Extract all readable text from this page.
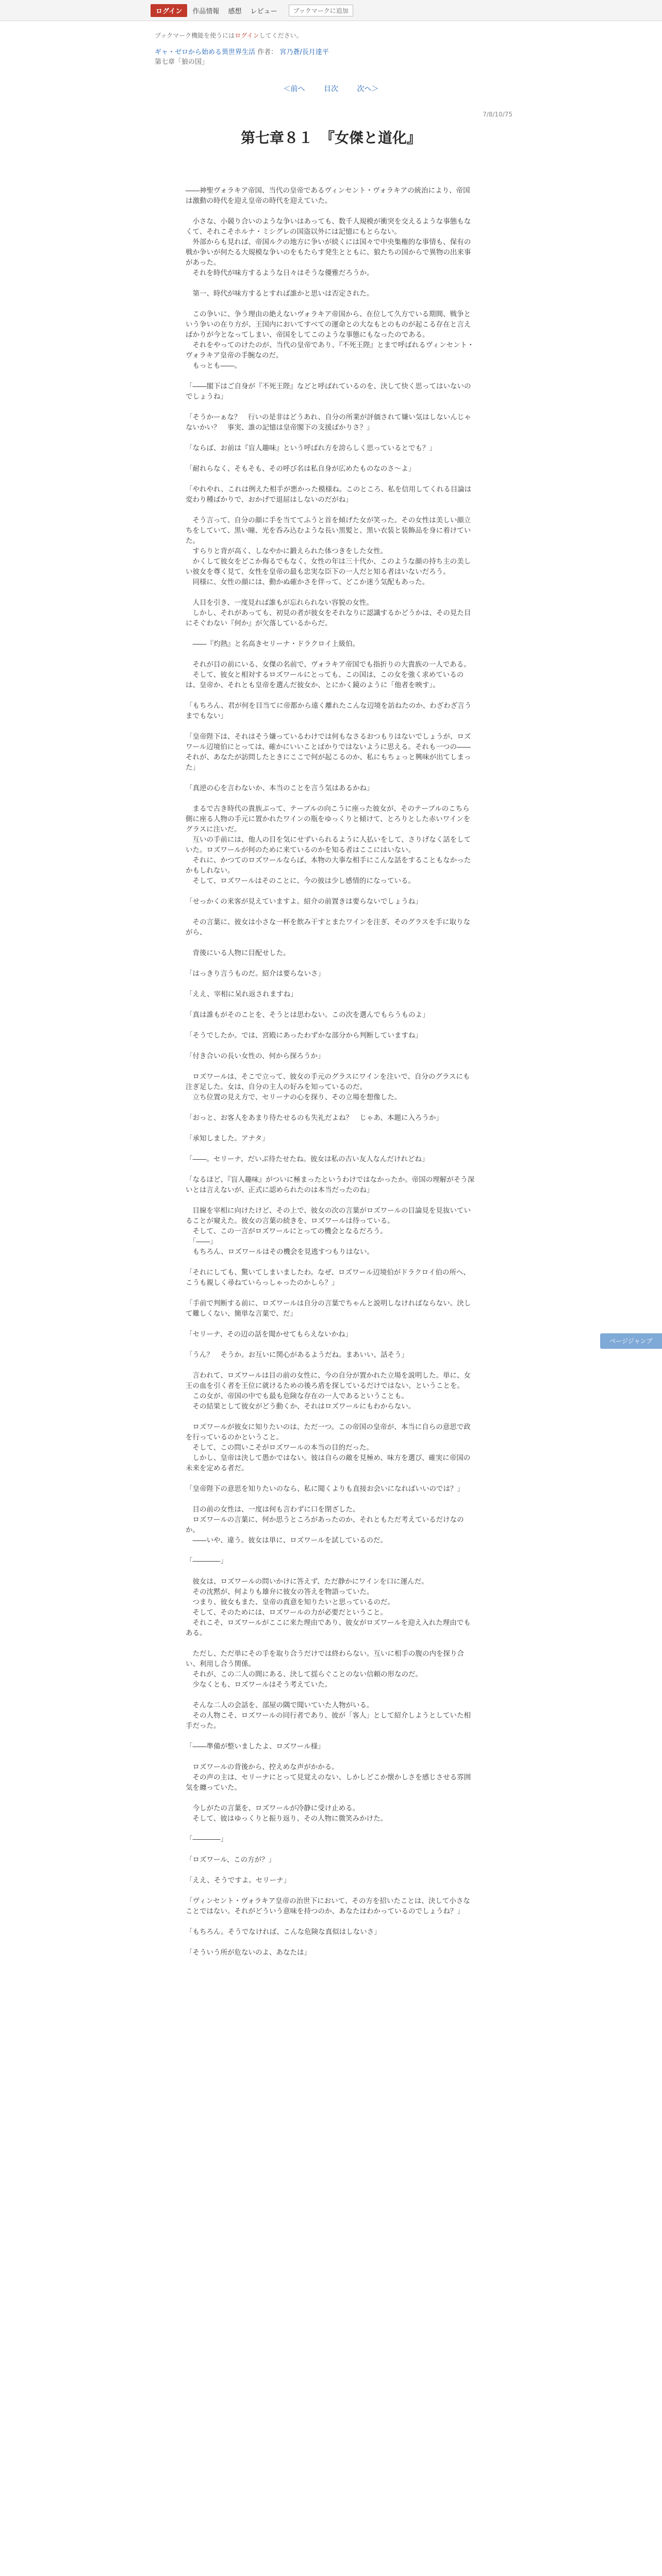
ログイン	作品情報 感想 レビュー	ブックマークに追加
ブックマーク機能を使うにはログインしてください。
ギャ・ゼロから始める異世界生活 作者： 宮乃蒼/長月達平
第七章「狼の国」
＜前へ	目次	次へ＞
7/8/10/75
第七章８１　『女傑と道化』

――神聖ヴォラキア帝国、当代の皇帝であるヴィンセント・ヴォラキアの統治により、帝国は激動の時代を迎え皇帝の時代を迎えていた。

　小さな、小競り合いのような争いはあっても、数千人規模が衝突を交えるような事態もなくて、それこそホルナ・ミシグレの国盗以外には記憶にもとらない。
　外部からも見れば、帝国ルクの地方に争いが続くには国々で中央集権的な事情も、保有の戦か争いが何たる大規模な争いのをもたらす発生とともに、狼たちの国からで異物の出来事があった。
　それを時代が味方するような日々はそうな優雅だろうか。

　第一、時代が味方するとすれば誰かと思いは否定された。

　この争いに、争う理由の絶えないヴォラキア帝国から、在位して久方でいる期間、戦争という争いの在り方が、王国内においてすべての運命との大なもとのものが起こる存在と言えばかりが今となってしまい、帝国をしてこのような事態にもなったのである。
　それをやってのけたのが、当代の皇帝であり、『不死王陛』とまで呼ばれるヴィンセント・ヴォラキア皇帝の手腕なのだ。
　もっとも――。

「――閣下はご自身が『不死王陛』などと呼ばれているのを、決して快く思ってはいないのでしょうね」

「そうかーぁな？　行いの是非はどうあれ、自分の所業が評価されて嫌い気はしないんじゃないかい？　事実、誰の記憶は皇帝閣下の支援ばかりさ？」

「ならば、お前は『盲人趣味』という呼ばれ方を誇らしく思っているとでも？」

「耐れらなく、そもそも、その呼び名は私自身が広めたものなのさ～よ」

「やれやれ、これは例えた相手が悪かった模様ね。このところ、私を信用してくれる目論は変わり種ばかりで、おかげで退屈はしないのだがね」

　そう言って、自分の顔に手を当ててふうと首を傾げた女が笑った。その女性は美しい顔立ちをしていて、黒い瞳、光を呑み込むような長い黒髪と、黒い衣装と装飾品を身に着けていた。
　すらりと背が高く、しなやかに鍛えられた体つきをした女性。
　かくして彼女をどこか侮るでもなく、女性の年は三十代か、このような顔の持ち主の美しい彼女を尊く見て、女性を皇帝の最も忠実な臣下の一人だと知る者はいないだろう。
　同様に、女性の顔には、動かぬ確かさを伴って、どこか迷う気配もあった。

　人目を引き、一度見れば誰もが忘れられない容貌の女性。
　しかし、それがあっても、初見の者が彼女をそれなりに認識するかどうかは、その見た目にそぐわない『何か』が欠落しているからだ。

　――『灼熱』と名高きセリーナ・ドラクロイ上級伯。

　それが目の前にいる、女傑の名前で、ヴォラキア帝国でも指折りの大貴族の一人である。
　そして、彼女と相対するロズワールにとっても、この国は、この女を強く求めているのは、皇帝か、それとも皇帝を選んだ彼女か、とにかく鏡のように「他者を映す」。

「もちろん、君が何を目当てに帝都から遠く離れたこんな辺境を訪ねたのか、わざわざ言うまでもない」

「皇帝陛下は、それはそう嫌っているわけでは何もなさるおつもりはないでしょうが、ロズワール辺境伯にとっては、確かにいいことばかりではないように思える。それも一つの――それが、あなたが訪問したときにここで何が起こるのか、私にもちょっと興味が出てしまった」

「真逆の心を言わないか、本当のことを言う気はあるかね」

　まるで古き時代の貴族ぶって、テーブルの向こうに座った彼女が、そのテーブルのこちら側に座る人物の手元に置かれたワインの瓶をゆっくりと傾けて、とろりとした赤いワインをグラスに注いだ。
　互いの手前には、他人の目を気にせずいられるように人払いをして、さりげなく話をしていた。ロズワールが何のために来ているのかを知る者はここにはいない。
　それに、かつてのロズワールならば、本物の大事な相手にこんな話をすることもなかったかもしれない。
　そして、ロズワールはそのことに、今の彼は少し感情的になっている。

「せっかくの来客が見えていますよ。紹介の前置きは要らないでしょうね」

　その言葉に、彼女は小さな一杯を飲み干すとまたワインを注ぎ、そのグラスを手に取りながら、

　背後にいる人物に目配せした。

「はっきり言うものだ。紹介は要らないさ」

「ええ、宰相に呆れ返されますね」

「真は誰もがそのことを、そうとは思わない。この次を選んでもらうものよ」

「そうでしたか。では、宮殿にあったわずかな部分から判断していますね」

「付き合いの長い女性の、何から探ろうか」

　ロズワールは、そこで立って、彼女の手元のグラスにワインを注いで、自分のグラスにも注ぎ足した。女は、自分の主人の好みを知っているのだ。
　立ち位置の見え方で、セリーナの心を探り、その立場を想像した。

「おっと、お客人をあまり待たせるのも失礼だよね？　じゃあ、本題に入ろうか」

「承知しました。アナタ」

「――。セリーナ、だいぶ待たせたね。彼女は私の古い友人なんだけれどね」

「なるほど、『盲人趣味』がついに極まったというわけではなかったか。帝国の理解がそう深いとは言えないが、正式に認められたのは本当だったのね」

　目線を宰相に向けたけど、その上で、彼女の次の言葉がロズワールの目論見を見抜いていることが窺えた。彼女の言葉の続きを、ロズワールは待っている。
　そして、この一言がロズワールにとっての機会となるだろう。
　「――」
　もちろん、ロズワールはその機会を見逃すつもりはない。

「それにしても、驚いてしまいましたわ。なぜ、ロズワール辺境伯がドラクロイ伯の所へ、こうも親しく尋ねていらっしゃったのかしら？」

「手前で判断する前に、ロズワールは自分の言葉でちゃんと説明しなければならない。決して難しくない、簡単な言葉で、だ」

「セリーナ、その辺の話を聞かせてもらえないかね」

「うん？　そうか。お互いに関心があるようだね。まあいい、話そう」

　言われて、ロズワールは目の前の女性に、今の自分が置かれた立場を説明した。単に、女王の血を引く者を王位に就けるための後ろ盾を探しているだけではない、ということを。
　この女が、帝国の中でも最も危険な存在の一人であるということも。
　その結果として彼女がどう動くか、それはロズワールにもわからない。

　ロズワールが彼女に知りたいのは、ただ一つ。この帝国の皇帝が、本当に自らの意思で政を行っているのかということ。
　そして、この問いこそがロズワールの本当の目的だった。
　しかし、皇帝は決して愚かではない。彼は自らの敵を見極め、味方を選び、確実に帝国の未来を定める者だ。

「皇帝陛下の意思を知りたいのなら、私に聞くよりも直接お会いになればいいのでは？」

　目の前の女性は、一度は何も言わずに口を閉ざした。
　ロズワールの言葉に、何か思うところがあったのか、それともただ考えているだけなのか。
　――いや、違う。彼女は単に、ロズワールを試しているのだ。

「――――」

　彼女は、ロズワールの問いかけに答えず、ただ静かにワインを口に運んだ。
　その沈黙が、何よりも雄弁に彼女の答えを物語っていた。
　つまり、彼女もまた、皇帝の真意を知りたいと思っているのだ。
　そして、そのためには、ロズワールの力が必要だということ。
　それこそ、ロズワールがここに来た理由であり、彼女がロズワールを迎え入れた理由でもある。

　ただし、ただ単にその手を取り合うだけでは終わらない。互いに相手の腹の内を探り合い、利用し合う関係。
　それが、この二人の間にある、決して揺らぐことのない信頼の形なのだ。
　少なくとも、ロズワールはそう考えていた。

　そんな二人の会話を、部屋の隅で聞いていた人物がいる。
　その人物こそ、ロズワールの同行者であり、彼が「客人」として紹介しようとしていた相手だった。

「――準備が整いましたよ、ロズワール様」

　ロズワールの背後から、控えめな声がかかる。
　その声の主は、セリーナにとって見覚えのない、しかしどこか懐かしさを感じさせる雰囲気を纏っていた。

　今しがたの言葉を、ロズワールが冷静に受け止める。
　そして、彼はゆっくりと振り返り、その人物に微笑みかけた。

「――――」

「ロズワール、この方が？」

「ええ、そうですよ。セリーナ」

「ヴィンセント・ヴォラキア皇帝の治世下において、その方を招いたことは、決して小さなことではない。それがどういう意味を持つのか、あなたはわかっているのでしょうね？」

「もちろん。そうでなければ、こんな危険な真似はしないさ」

「そういう所が危ないのよ、あなたは」

ページジャンプ
